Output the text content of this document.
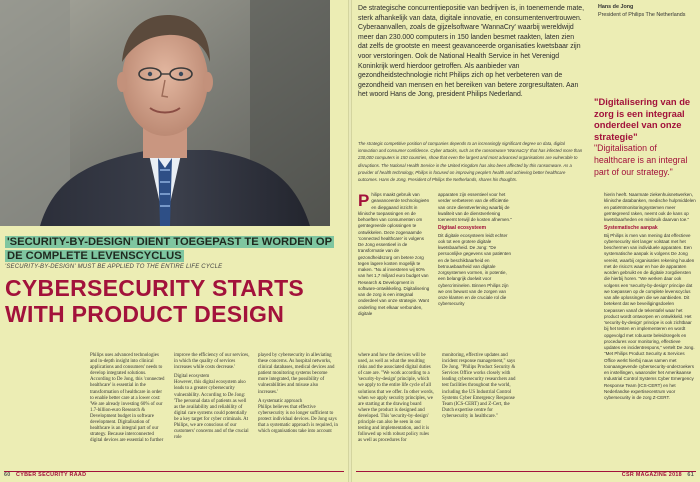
'SECURITY-BY-DESIGN' DIENT TOEGEPAST TE WORDEN OP DE COMPLETE LEVENSCYCLUS
'SECURITY-BY-DESIGN' MUST BE APPLIED TO THE ENTIRE LIFE CYCLE
CYBERSECURITY STARTS WITH PRODUCT DESIGN

Philips uses advanced technologies and in-depth insight into clinical applications and consumers' needs to develop integrated solutions. According to De Jong, this 'connected healthcare' is essential in the transformation of healthcare in order to enable better care at a lower cost: 'We are already investing 60% of our 1.7-billion-euro Research & Development budget in software development. Digitalisation of healthcare is an integral part of our strategy. Because interconnected digital devices are essential to further

improve the efficiency of our services, in which the quality of services increases while costs decrease.'

Digital ecosystem
However, this digital ecosystem also leads to a greater cybersecurity vulnerability. According to De Jong: 'The personal data of patients as well as the availability and reliability of digital care systems could potentially be a key target for cyber criminals. At Philips, we are conscious of our customers' concerns and of the crucial role

played by cybersecurity in alleviating these concerns. As hospital networks, clinical databases, medical devices and patient monitoring systems become more integrated, the possibility of vulnerabilities and misuse also increases.'

A systematic approach
Philips believes that effective cybersecurity is no longer sufficient to protect individual devices. De Jong says that a systematic approach is required, in which organisations take into account

60 CYBER SECURITY RAAD
De strategische concurrentiepositie van bedrijven is, in toenemende mate, sterk afhankelijk van data, digitale innovatie, en consumentenvertrouwen. Cyberaanvallen, zoals de gijzelsoftware 'WannaCry' waarbij wereldwijd meer dan 230.000 computers in 150 landen besmet raakten, laten zien dat zelfs de grootste en meest geavanceerde organisaties kwetsbaar zijn voor verstoringen. Ook de National Health Service in het Verenigd Koninkrijk werd hierdoor getroffen. Als aanbieder van gezondheidstechnologie richt Philips zich op het verbeteren van de gezondheid van mensen en het bereiken van betere zorgresultaten. Aan het woord Hans de Jong, president Philips Nederland.
The strategic competitive position of companies depends to an increasingly significant degree on data, digital innovation and consumer confidence. Cyber attacks, such as the ransomware 'WannaCry' that has infected more than 230,000 computers in 150 countries, show that even the largest and most advanced organisations are vulnerable to disruptions. The National Health Service in the United Kingdom has also been affected by this ransomware. As a provider of health technology, Philips is focused on improving people's health and achieving better healthcare outcomes. Hans de Jong, President of Philips the Netherlands, shares his thoughts.
Hans de Jong
President of Philips The Netherlands
"Digitalisering van de zorg is een integraal onderdeel van onze strategie"
"Digitalisation of healthcare is an integral part of our strategy."

Philips maakt gebruik van geavanceerde technologieën en diepgaand inzicht in klinische toepassingen en de behoeften van consumenten om geïntegreerde oplossingen te ontwikkelen. Deze zogenaamde 'connected healthcare' is volgens De Jong essentieel in de transformatie van de gezondheidszorg om betere zorg tegen lagere kosten mogelijk te maken. "Nu al investeren wij 60% van het 1,7 miljard euro budget van Research & Development in software-ontwikkeling. Digitalisering van de zorg is een integraal onderdeel van onze strategie. Want onderling met elkaar verbonden, digitale

apparaten zijn essentieel voor het verder verbeteren van de efficiëntie van onze dienstverlening waarbij de kwaliteit van de dienstverlening toeneemt terwijl de kosten afnemen."

Digitaal ecosysteem

Dit digitale ecosysteem leidt echter ook tot een grotere digitale kwetsbaarheid. De Jong: "De persoonlijke gegevens van patiënten en de beschikbaarheid en betrouwbaarheid van digitale zorgsystemen vormen, in potentie, een belangrijk doelwit voor cybercriminelen. Binnen Philips zijn we ons bewust van de zorgen van onze klanten en de cruciale rol die cybersecurity

hierin heeft. Naarmate ziekenhuisnetwerken, klinische databanken, medische hulpmiddelen en patiëntmonitoringsystemen meer geïntegreerd raken, neemt ook de kans op kwetsbaarheden en misbruik daarvan toe."

Systematische aanpak

Bij Philips is men van mening dat effectieve cybersecurity niet langer volstaat met het beschermen van individuele apparaten. Een systematische aanpak is volgens De Jong vereist, waarbij organisaties rekening houden met de risico's waar en hoe de apparaten worden gebruikt en de digitale zorgdiensten die hierbij horen. "We werken daar ook volgens een 'security-by-design' principe dat we toepassen op de complete levenscyclus van alle oplossingen die we aanbieden. Dit betekent dat we beveiligingsdoelen toepassen vanaf de tekentafel waar het product wordt ontworpen en ontwikkeld. Het 'security-by-design' principe is ook zichtbaar bij het testen en implementeren en wordt opgevolgd met robuuste beleidsregels en procedures voor monitoring, effectieve updates en incidentrespons," vertelt De Jong. "Met Philips Product Security & Services Office werkt hierbij nauw samen met toonaangevende cybersecurity-onderzoekers en instellingen, waaronder het Amerikaanse Industrial Control Systems Cyber Emergency Response Team (ICS-CERT) en het Nederlandse expertisecentrum voor cybersecurity in de zorg Z-CERT.

where and how the devices will be used, as well as what the resulting risks and the associated digital duties of care are. "We work according to a 'security-by-design' principle, which we apply to the entire life cycle of all solutions that we offer. In other words, when we apply security principles, we are starting at the drawing board where the product is designed and developed. This 'security-by-design' principle can also be seen in our testing and implementation, and it is followed up with robust policy rules as well as procedures for

monitoring, effective updates and incident response management," says De Jong. "Philips Product Security & Services Office works closely with leading cybersecurity researchers and test facilities throughout the world, including the US Industrial Control Systems Cyber Emergency Response Team (ICS-CERT) and Z-Cert, the Dutch expertise centre for cybersecurity in healthcare."

CSR MAGAZINE 2018 61
